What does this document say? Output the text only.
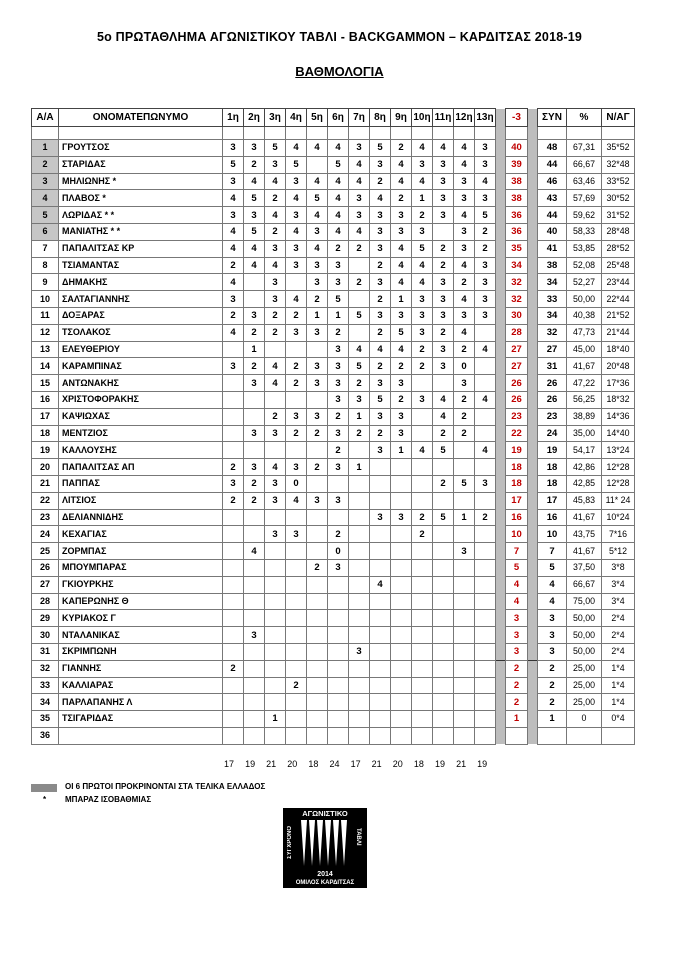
5ο ΠΡΩΤΑΘΛΗΜΑ ΑΓΩΝΙΣΤΙΚΟΥ ΤΑΒΛΙ - BACKGAMMON – ΚΑΡΔΙΤΣΑΣ 2018-19
ΒΑΘΜΟΛΟΓΙΑ
Α/Α	ΟΝΟΜΑΤΕΠΩΝΥΜΟ	1η	2η	3η	4η	5η	6η	7η	8η	9η	10η	11η	12η	13η		-3		ΣΥΝ	%	Ν/ΑΓ

1	ΓΡΟΥΤΣΟΣ	3	3	5	4	4	4	3	5	2	4	4	4	3		40		48	67,31	35*52
2	ΣΤΑΡΙΔΑΣ	5	2	3	5		5	4	3	4	3	3	4	3		39		44	66,67	32*48
3	ΜΗΛΙΩΝΗΣ *	3	4	4	3	4	4	4	2	4	4	3	3	4		38		46	63,46	33*52
4	ΠΛΑΒΟΣ *	4	5	2	4	5	4	3	4	2	1	3	3	3		38		43	57,69	30*52
5	ΛΩΡΙΔΑΣ * *	3	3	4	3	4	4	3	3	3	2	3	4	5		36		44	59,62	31*52
6	ΜΑΝΙΑΤΗΣ * *	4	5	2	4	3	4	4	3	3	3		3	2		36		40	58,33	28*48
7	ΠΑΠΑΛΙΤΣΑΣ ΚΡ	4	4	3	3	4	2	2	3	4	5	2	3	2		35		41	53,85	28*52
8	ΤΣΙΑΜΑΝΤΑΣ	2	4	4	3	3	3		2	4	4	2	4	3		34		38	52,08	25*48
9	ΔΗΜΑΚΗΣ	4		3		3	3	2	3	4	4	3	2	3		32		34	52,27	23*44
10	ΣΑΛΤΑΓΙΑΝΝΗΣ	3		3	4	2	5		2	1	3	3	4	3		32		33	50,00	22*44
11	ΔΟΞΑΡΑΣ	2	3	2	2	1	1	5	3	3	3	3	3	3		30		34	40,38	21*52
12	ΤΣΟΛΑΚΟΣ	4	2	2	3	3	2		2	5	3	2	4			28		32	47,73	21*44
13	ΕΛΕΥΘΕΡΙΟΥ		1				3	4	4	4	2	3	2	4		27		27	45,00	18*40
14	ΚΑΡΑΜΠΙΝΑΣ	3	2	4	2	3	3	5	2	2	2	3	0			27		31	41,67	20*48
15	ΑΝΤΩΝΑΚΗΣ		3	4	2	3	3	2	3	3			3			26		26	47,22	17*36
16	ΧΡΙΣΤΟΦΟΡΑΚΗΣ						3	3	5	2	3	4	2	4		26		26	56,25	18*32
17	ΚΑΨΙΩΧΑΣ			2	3	3	2	1	3	3		4	2			23		23	38,89	14*36
18	ΜΕΝΤΖΙΟΣ		3	3	2	2	3	2	2	3		2	2			22		24	35,00	14*40
19	ΚΑΛΛΟΥΣΗΣ						2		3	1	4	5		4		19		19	54,17	13*24
20	ΠΑΠΑΛΙΤΣΑΣ ΑΠ	2	3	4	3	2	3	1								18		18	42,86	12*28
21	ΠΑΠΠΑΣ	3	2	3	0							2	5	3		18		18	42,85	12*28
22	ΛΙΤΣΙΟΣ	2	2	3	4	3	3									17		17	45,83	11* 24
23	ΔΕΛΙΑΝΝΙΔΗΣ								3	3	2	5	1	2		16		16	41,67	10*24
24	ΚΕΧΑΓΙΑΣ			3	3		2				2					10		10	43,75	7*16
25	ΖΟΡΜΠΑΣ		4				0						3			7		7	41,67	5*12
26	ΜΠΟΥΜΠΑΡΑΣ					2	3									5		5	37,50	3*8
27	ΓΚΙΟΥΡΚΗΣ								4							4		4	66,67	3*4
28	ΚΑΠΕΡΩΝΗΣ Θ															4		4	75,00	3*4
29	ΚΥΡΙΑΚΟΣ Γ															3		3	50,00	2*4
30	ΝΤΑΛΑΝΙΚΑΣ		3													3		3	50,00	2*4
31	ΣΚΡΙΜΠΩΝΗ							3								3		3	50,00	2*4
32	ΓΙΑΝΝΗΣ	2														2		2	25,00	1*4
33	ΚΑΛΛΙΑΡΑΣ				2											2		2	25,00	1*4
34	ΠΑΡΛΑΠΑΝΗΣ Λ															2		2	25,00	1*4
35	ΤΣΙΓΑΡΙΔΑΣ			1												1		1	0	0*4
36																				
17	19	21	20	18	24	17	21	20	18	19	21	19
ΟΙ 6 ΠΡΩΤΟΙ ΠΡΟΚΡΙΝΟΝΤΑΙ ΣΤΑ ΤΕΛΙΚΑ ΕΛΛΑΔΟΣ
* ΜΠΑΡΑΖ ΙΣΟΒΑΘΜΙΑΣ
ΑΓΩΝΙΣΤΙΚΟ
ΣΥΓΧΡΟΝΟ	ΤΑΒΛΙ
2014
ΟΜΙΛΟΣ ΚΑΡΔΙΤΣΑΣ
